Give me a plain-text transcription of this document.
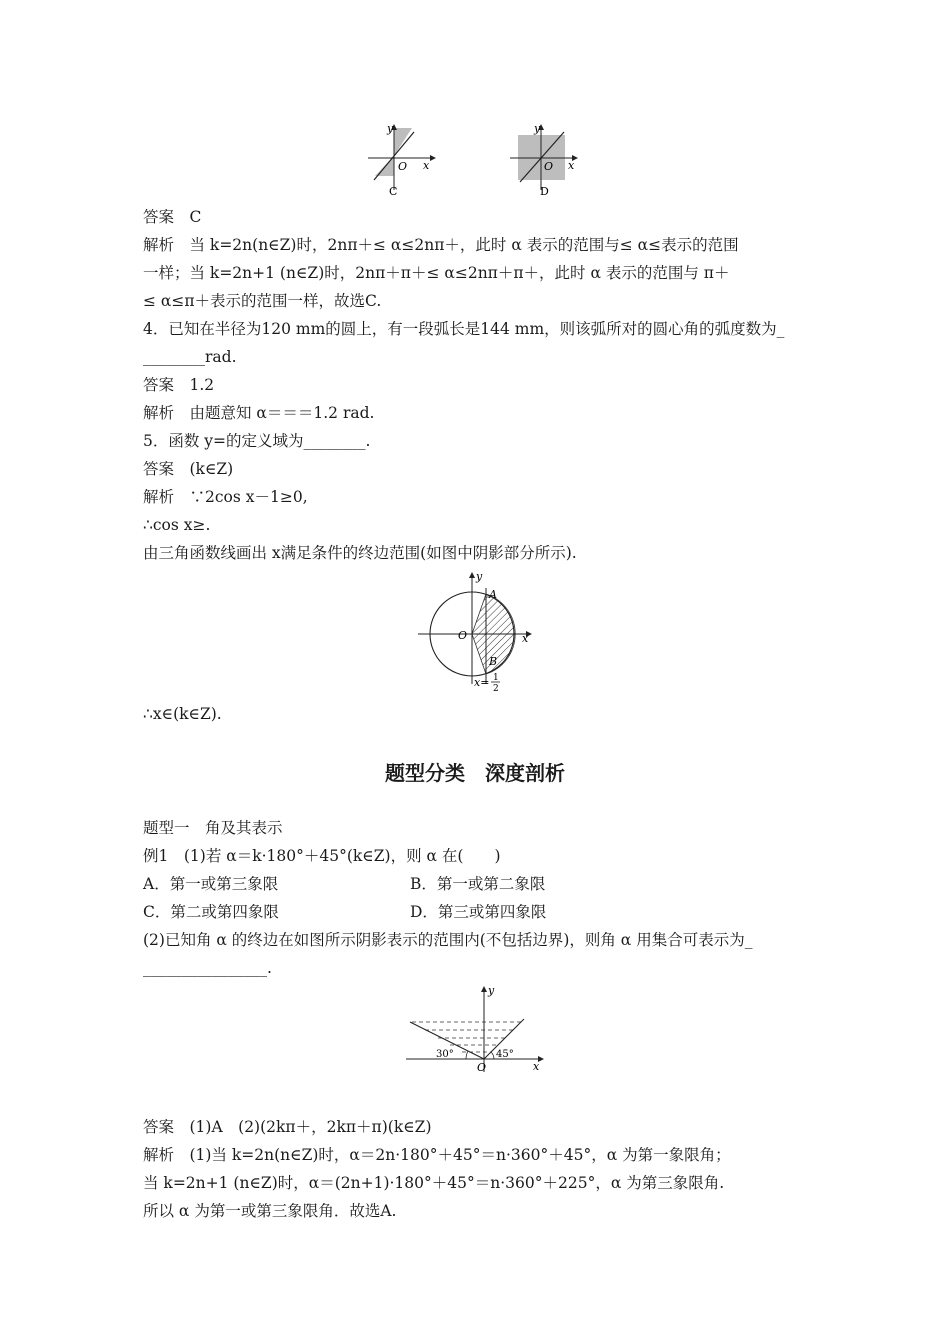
y
x
O
C
y
x
O
D
答案　C
解析　当 k=2n(n∈Z)时，2nπ＋≤ α≤2nπ＋，此时 α 表示的范围与≤ α≤表示的范围
一样；当 k=2n+1 (n∈Z)时，2nπ＋π＋≤ α≤2nπ＋π＋，此时 α 表示的范围与 π＋
≤ α≤π＋表示的范围一样，故选C.
4．已知在半径为120 mm的圆上，有一段弧长是144 mm，则该弧所对的圆心角的弧度数为_
________rad.
答案　1.2
解析　由题意知 α＝＝＝1.2 rad.
5．函数 y=的定义域为________.
答案　(k∈Z)
解析　∵2cos x－1≥0,
∴cos x≥.
由三角函数线画出 x满足条件的终边范围(如图中阴影部分所示).
y
x
O
A
B
x= 1
2
∴x∈(k∈Z).
题型分类　深度剖析
题型一　角及其表示
例1　(1)若 α＝k·180°＋45°(k∈Z)，则 α 在(　　)
A．第一或第三象限	B．第一或第二象限
C．第二或第四象限	D．第三或第四象限
(2)已知角 α 的终边在如图所示阴影表示的范围内(不包括边界)，则角 α 用集合可表示为_
________________.
y
x
O
30°	45°
答案　(1)A　(2)(2kπ＋，2kπ＋π)(k∈Z)
解析　(1)当 k=2n(n∈Z)时，α＝2n·180°＋45°＝n·360°＋45°，α 为第一象限角；
当 k=2n+1 (n∈Z)时，α＝(2n+1)·180°＋45°＝n·360°＋225°，α 为第三象限角.
所以 α 为第一或第三象限角．故选A.
